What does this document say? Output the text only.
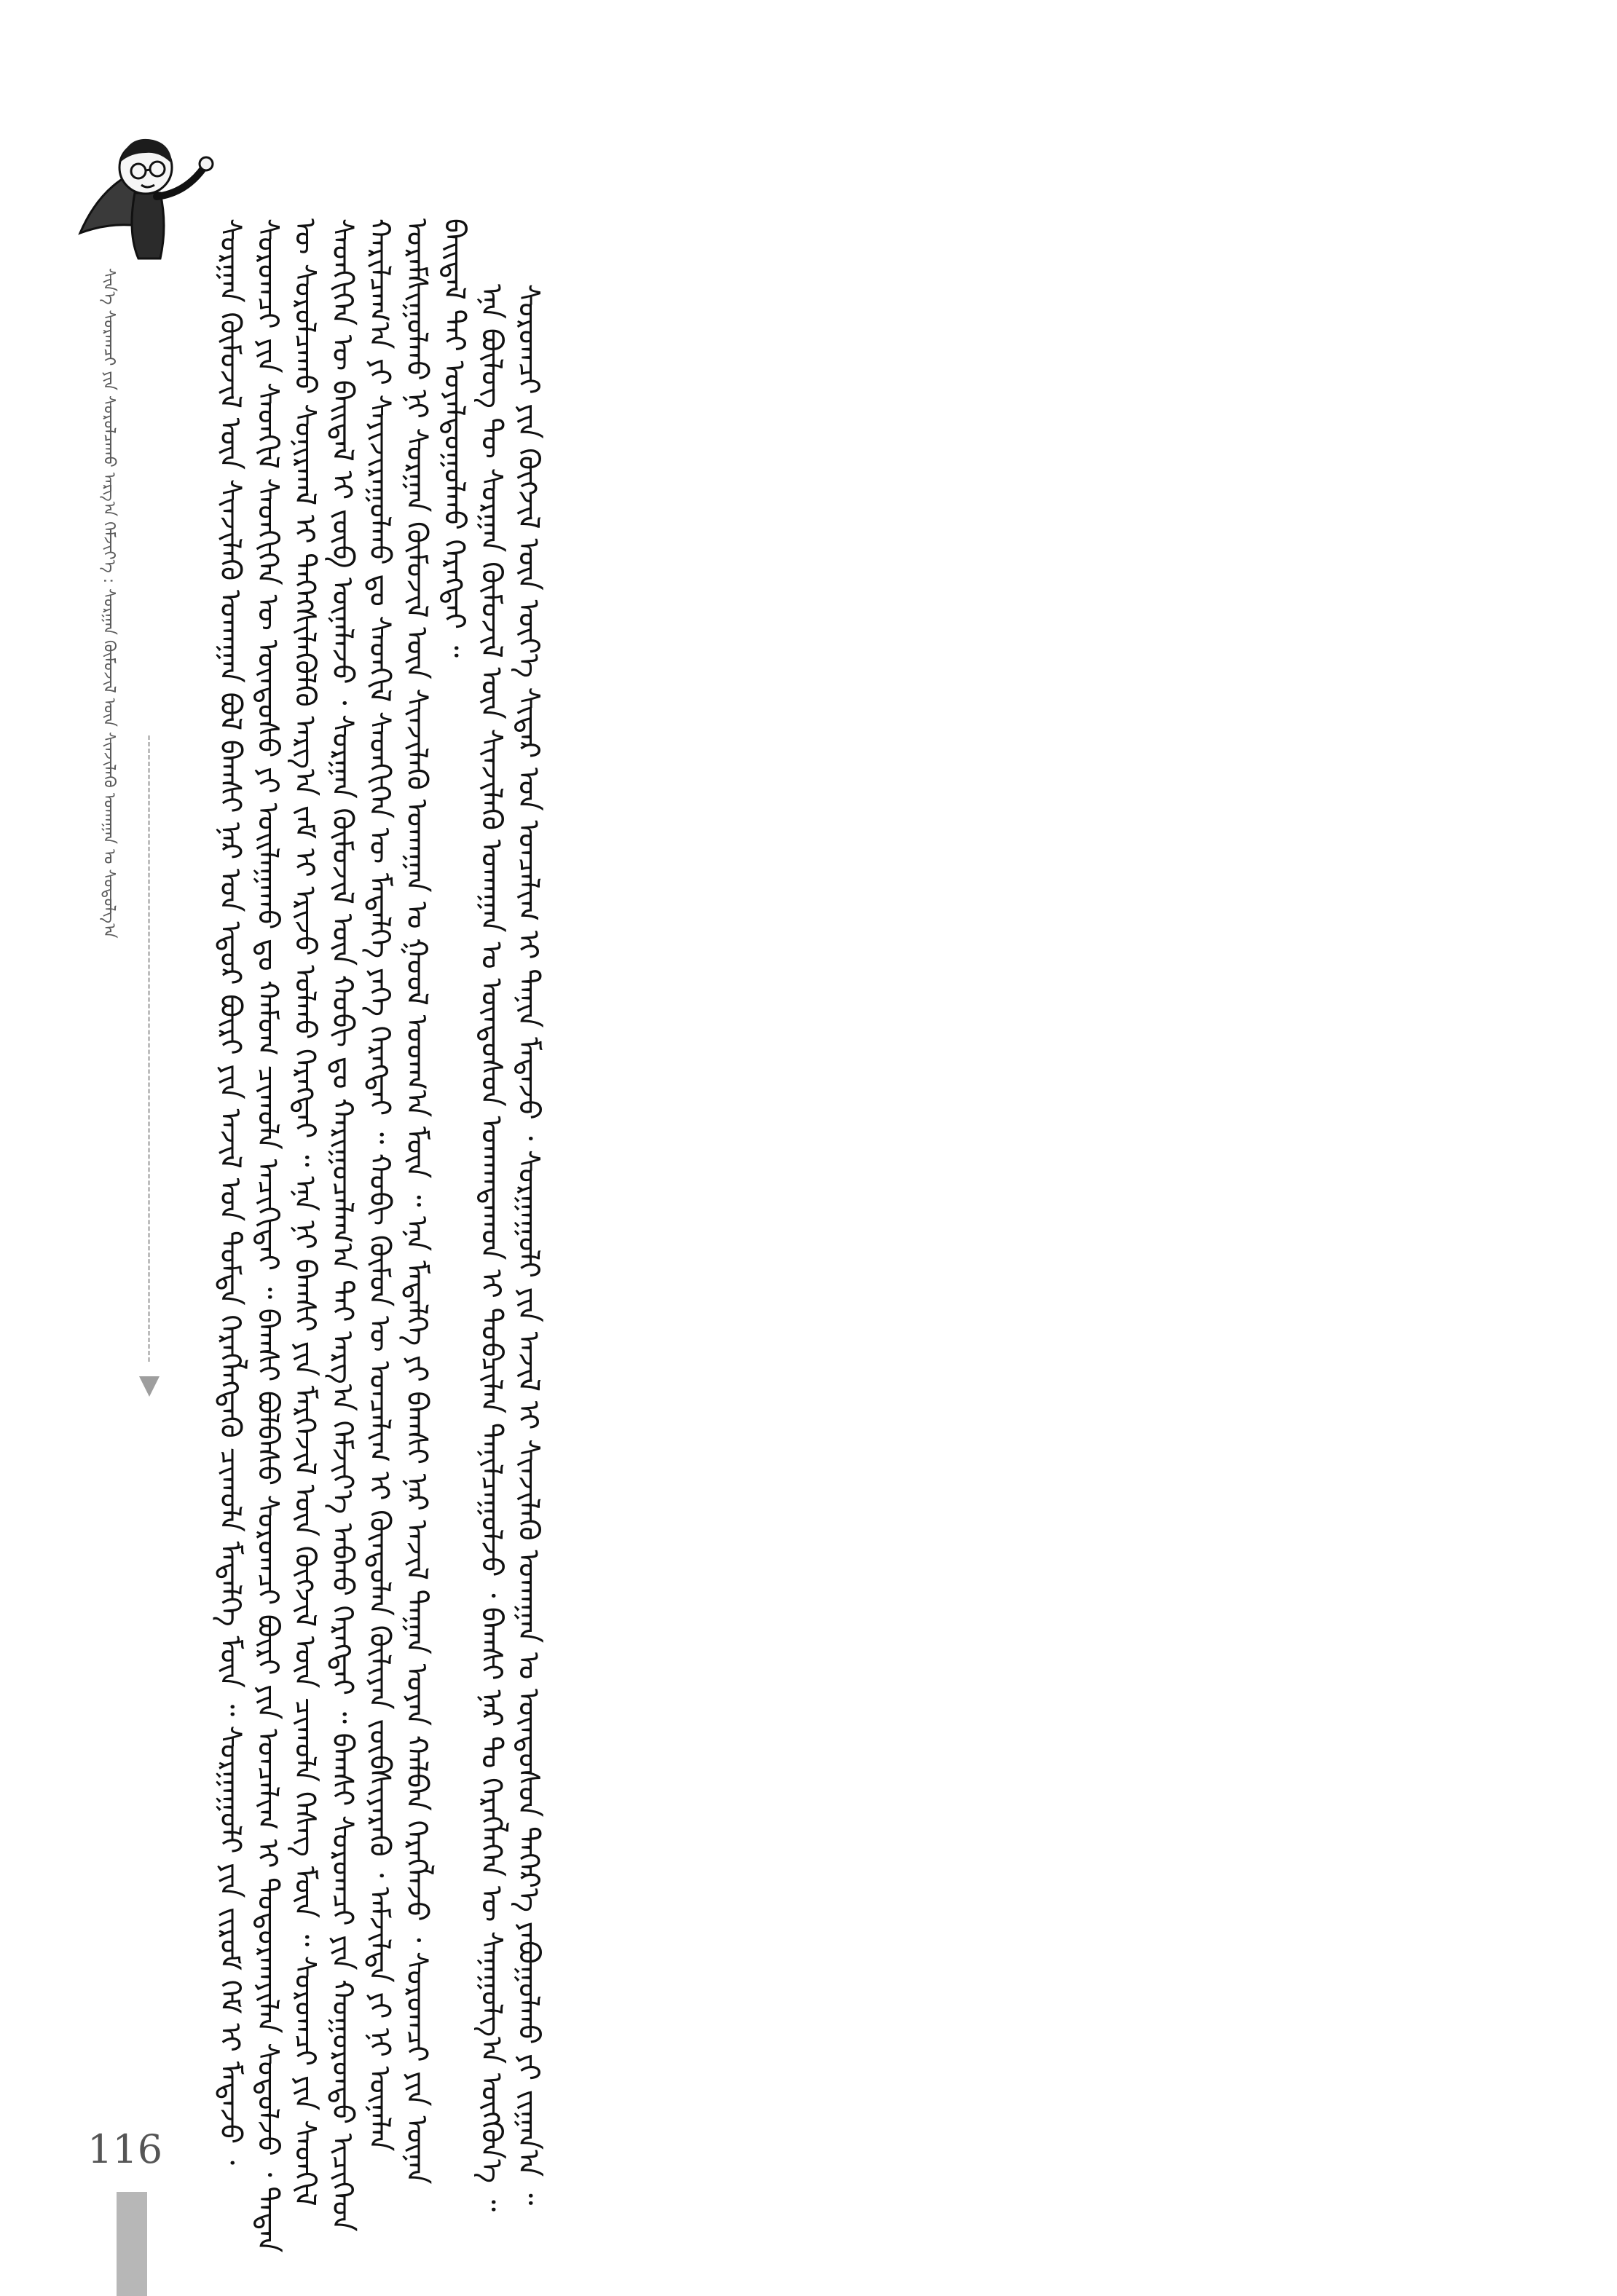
ᠰᠢᠨ᠎ᠡ ᠰᠤᠷᠠᠭᠴᠢ ᠶᠢᠨ ᠰᠤᠷᠤᠯᠴᠠᠬᠤ ᠠᠷᠭ᠎ᠠ ᠬᠡᠮᠵᠢᠶ᠎ᠡ : ᠰᠤᠷᠭᠠᠨ ᠬᠦᠮᠦᠵᠢᠯ ᠦᠨ ᠰᠢᠨᠵᠢᠯᠡᠬᠦ ᠤᠬᠠᠭᠠᠨ ᠤ ᠰᠤᠳᠤᠯᠭ᠎ᠠ
116 ᠰᠤᠷᠭᠠᠨ ᠬᠦᠮᠦᠵᠢᠯ ᠦᠨ ᠰᠢᠨᠵᠢᠯᠡᠬᠦ ᠤᠬᠠᠭᠠᠨ ᠪᠣᠯ ᠪᠠᠭᠰᠢ ᠨᠠᠷ ᠤᠨ ᠡᠳᠦᠷ ᠪᠦᠷᠢ ᠶᠢᠨ ᠠᠵᠢᠯ ᠤᠨ ᠳᠤᠮᠳᠠ ᠬᠡᠷᠡᠭᠯᠡᠭᠳᠡᠬᠦ ᠴᠢᠬᠤᠯᠠ ᠮᠡᠳᠡᠯᠭᠡ ᠮᠥᠨ ᠃ ᠰᠤᠷᠭᠠᠭᠤᠯᠢ ᠶᠢᠨ ᠵᠢᠷᠤᠮ ᠬᠡᠮ ᠢ ᠮᠡᠳᠡᠵᠦ ᠂ ᠰᠤᠷᠤᠭᠴᠢ ᠶᠢᠨ ᠰᠡᠳᠬᠢᠯ ᠰᠡᠳᠬᠢᠭᠡᠨ ᠦ ᠦᠨᠳᠦᠰᠦ ᠶᠢ ᠣᠢᠯᠠᠭᠠᠬᠤ ᠳᠤ ᠬᠠᠮᠤᠭ ᠴᠢᠬᠤᠯᠠ ᠠᠴᠢᠬᠢᠳᠠᠢ ᠃ ᠪᠠᠭᠰᠢ ᠪᠣᠯᠪᠠᠰᠤ ᠰᠤᠷᠤᠭᠴᠢ ᠪᠦᠷᠢ ᠶᠢᠨ ᠣᠨᠴᠠᠯᠢᠭ ᠢ ᠲᠣᠳᠤᠷᠬᠠᠶᠢᠯᠠᠨ ᠰᠤᠳᠤᠯᠵᠤ ᠂ ᠲᠡᠳᠡᠨ ᠦ ᠰᠤᠷᠤᠯᠴᠠᠬᠤ ᠰᠣᠨᠢᠷᠬᠠᠯ ᠢ ᠳᠡᠭᠡᠭᠰᠢᠯᠡᠭᠦᠯᠬᠦ ᠠᠷᠭ᠎ᠠ ᠵᠠᠮ ᠢ ᠡᠷᠢᠵᠦ ᠣᠯᠬᠤ ᠬᠡᠷᠡᠭᠲᠡᠢ ᠃ ᠡᠨᠡ ᠨᠢ ᠪᠠᠭᠰᠢ ᠶᠢᠨ ᠮᠡᠷᠭᠡᠵᠢᠯ ᠦᠨ ᠬᠥᠭᠵᠢᠯ ᠦᠨ ᠴᠢᠬᠤᠯᠠ ᠬᠡᠰᠡᠭ ᠮᠥᠨ ᠃ ᠰᠤᠷᠤᠭᠴᠢ ᠶᠢᠨ ᠰᠡᠳᠬᠢᠯ ᠰᠡᠳᠬᠢᠭᠡᠨ ᠦ ᠪᠠᠢᠳᠠᠯ ᠢ ᠵᠥᠪ ᠦᠨᠡᠯᠡᠵᠦ ᠂ ᠰᠤᠷᠭᠠᠨ ᠬᠦᠮᠦᠵᠢᠯ ᠦᠨ ᠬᠤᠪᠢ ᠳᠤ ᠬᠠᠷᠢᠭᠤᠴᠠᠯᠠᠭ᠎ᠠ ᠲᠠᠢ ᠠᠷᠭ᠎ᠠ ᠬᠡᠮᠵᠢᠶ᠎ᠡ ᠠᠪᠬᠤ ᠬᠡᠷᠡᠭᠲᠡᠢ ᠃ ᠪᠠᠭᠰᠢ ᠰᠤᠷᠤᠭᠴᠢ ᠶᠢᠨ ᠬᠤᠭᠤᠷᠤᠨᠳᠤ ᠢᠴᠢᠭᠡᠳ ᠬᠠᠷᠢᠯᠴᠠᠭ᠎ᠠ ᠶᠢ ᠰᠠᠶᠢᠵᠢᠷᠠᠭᠤᠯᠬᠤ ᠳᠤ ᠰᠡᠳᠬᠢᠯ ᠰᠡᠳᠬᠢᠭᠡᠨ ᠦ ᠮᠡᠳᠡᠯᠭᠡ ᠶᠡᠬᠡ ᠬᠡᠷᠡᠭᠲᠡᠢ ᠃ ᠬᠤᠪᠢ ᠬᠦᠮᠦᠨ ᠦ ᠣᠨᠴᠠᠯᠢᠭ ᠢ ᠬᠦᠨᠳᠦᠯᠡᠨ ᠬᠦᠯᠢᠶᠡᠨ ᠵᠥᠪᠰᠢᠶᠡᠷᠡᠬᠦ ᠂ ᠠᠮᠵᠢᠯᠲᠠ ᠶᠢ ᠨᠢ ᠦᠨᠡᠯᠡᠨ ᠤᠷᠠᠮᠰᠢᠭᠤᠯᠬᠤ ᠨᠢ ᠰᠤᠷᠭᠠᠨ ᠬᠦᠮᠦᠵᠢᠯ ᠦᠨ ᠰᠢᠨᠵᠢᠯᠡᠬᠦ ᠤᠬᠠᠭᠠᠨ ᠤ ᠭᠣᠣᠯ ᠤᠳᠬ᠎ᠠ ᠮᠥᠨ ᠃ ᠡᠨᠡ ᠮᠡᠳᠡᠯᠭᠡ ᠶᠢ ᠪᠠᠭᠰᠢ ᠨᠠᠷ ᠠᠵᠢᠯ ᠳᠠᠭᠠᠨ ᠤᠶᠠᠨ ᠬᠠᠯᠪᠠᠨ ᠬᠡᠷᠡᠭᠯᠡᠵᠦ ᠂ ᠰᠤᠷᠤᠭᠴᠢ ᠶᠢᠨ ᠦᠨᠡᠨ ᠪᠠᠢᠳᠠᠯ ᠲᠠᠢ ᠤᠶᠠᠯᠳᠤᠭᠤᠯᠬᠤ ᠬᠡᠷᠡᠭᠲᠡᠢ ᠃ ᠡᠨᠡ ᠪᠦᠯᠦᠭ ᠲᠦ ᠰᠤᠷᠭᠠᠨ ᠬᠦᠮᠦᠵᠢᠯ ᠦᠨ ᠰᠢᠨᠵᠢᠯᠡᠬᠦ ᠤᠬᠠᠭᠠᠨ ᠤ ᠦᠨᠳᠦᠰᠦᠨ ᠤᠬᠠᠭᠳᠠᠬᠤᠨ ᠢ ᠲᠣᠪᠴᠢᠯᠠᠨ ᠲᠠᠨᠢᠯᠴᠠᠭᠤᠯᠵᠤ ᠂ ᠪᠠᠭᠰᠢ ᠨᠠᠷ ᠲᠤ ᠬᠡᠷᠡᠭᠯᠡᠭᠡᠨ ᠦ ᠰᠠᠨᠠᠭᠤᠯᠭ᠎ᠠ ᠥᠭᠭᠦᠨ᠎ᠡ ᠃ ᠰᠤᠷᠤᠭᠴᠢ ᠶᠢᠨ ᠬᠥᠭᠵᠢᠯ ᠦᠨ ᠦᠶ᠎ᠡ ᠰᠢᠳᠠᠷ ᠤᠨ ᠣᠨᠴᠠᠯᠢᠭ ᠢ ᠲᠠᠨᠢᠨ ᠮᠡᠳᠡᠵᠦ ᠂ ᠰᠤᠷᠭᠠᠭᠤᠯᠢ ᠶᠢᠨ ᠠᠵᠢᠯ ᠢ ᠰᠢᠨᠵᠢᠯᠡᠬᠦ ᠤᠬᠠᠭᠠᠨ ᠤ ᠦᠨᠳᠦᠰᠦᠨ ᠳᠡᠭᠡᠷ᠎ᠡ ᠶᠠᠪᠤᠭᠤᠯᠬᠤ ᠶᠢ ᠵᠢᠭᠠᠨ᠎ᠠ ᠃
